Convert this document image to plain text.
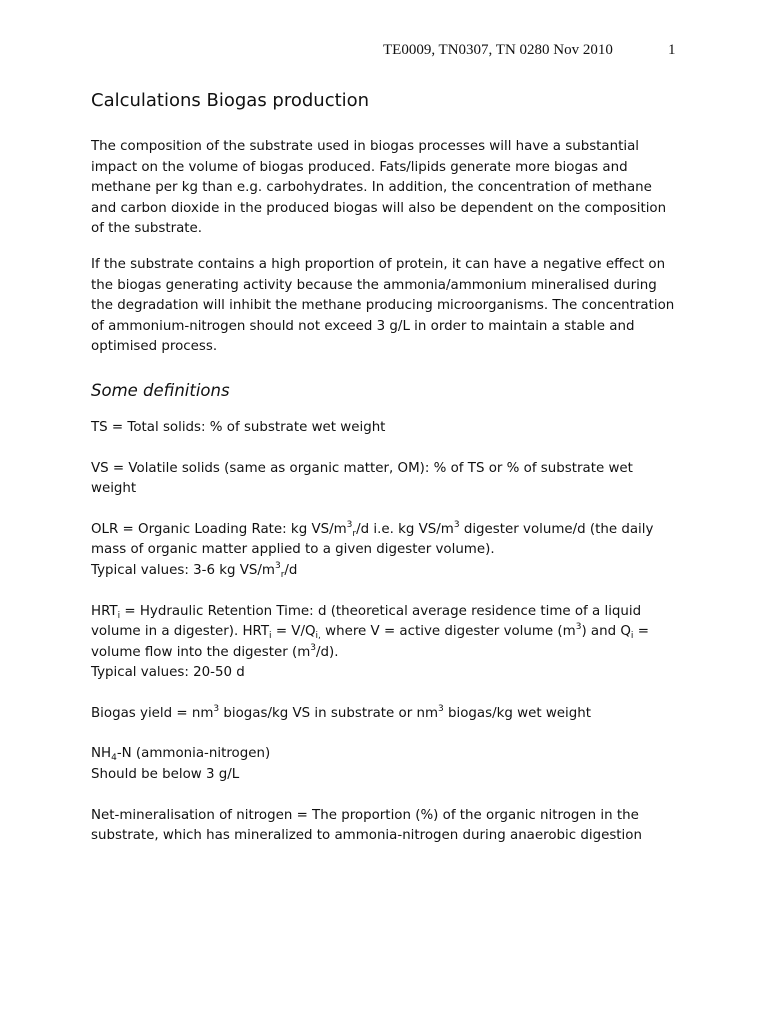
TE0009, TN0307, TN 0280 Nov 2010	1
Calculations Biogas production

The composition of the substrate used in biogas processes will have a substantial impact on the volume of biogas produced. Fats/lipids generate more biogas and methane per kg than e.g. carbohydrates. In addition, the concentration of methane and carbon dioxide in the produced biogas will also be dependent on the composition of the substrate.

If the substrate contains a high proportion of protein, it can have a negative effect on the biogas generating activity because the ammonia/ammonium mineralised during the degradation will inhibit the methane producing microorganisms. The concentration of ammonium-nitrogen should not exceed 3 g/L in order to maintain a stable and optimised process.

Some definitions

TS = Total solids: % of substrate wet weight

VS = Volatile solids (same as organic matter, OM): % of TS or % of substrate wet weight

OLR = Organic Loading Rate: kg $VS/m^3_r/d$ i.e. kg $VS/m^3$ digester volume/d (the daily mass of organic matter applied to a given digester volume).
Typical values: 3-6 kg $VS/m^3_r/d$

$HRT_i$ = Hydraulic Retention Time: d (theoretical average residence time of a liquid volume in a digester). $HRT_i = V/Q_{i,}$ where V = active digester volume $(m^3)$ and $Q_i$ = volume flow into the digester $(m^3/d)$.
Typical values: 20-50 d

Biogas yield = $nm^3$ biogas/kg VS in substrate or $nm^3$ biogas/kg wet weight

$NH_4-N$ (ammonia-nitrogen)
Should be below 3 g/L

Net-mineralisation of nitrogen = The proportion (%) of the organic nitrogen in the substrate, which has mineralized to ammonia-nitrogen during anaerobic digestion
